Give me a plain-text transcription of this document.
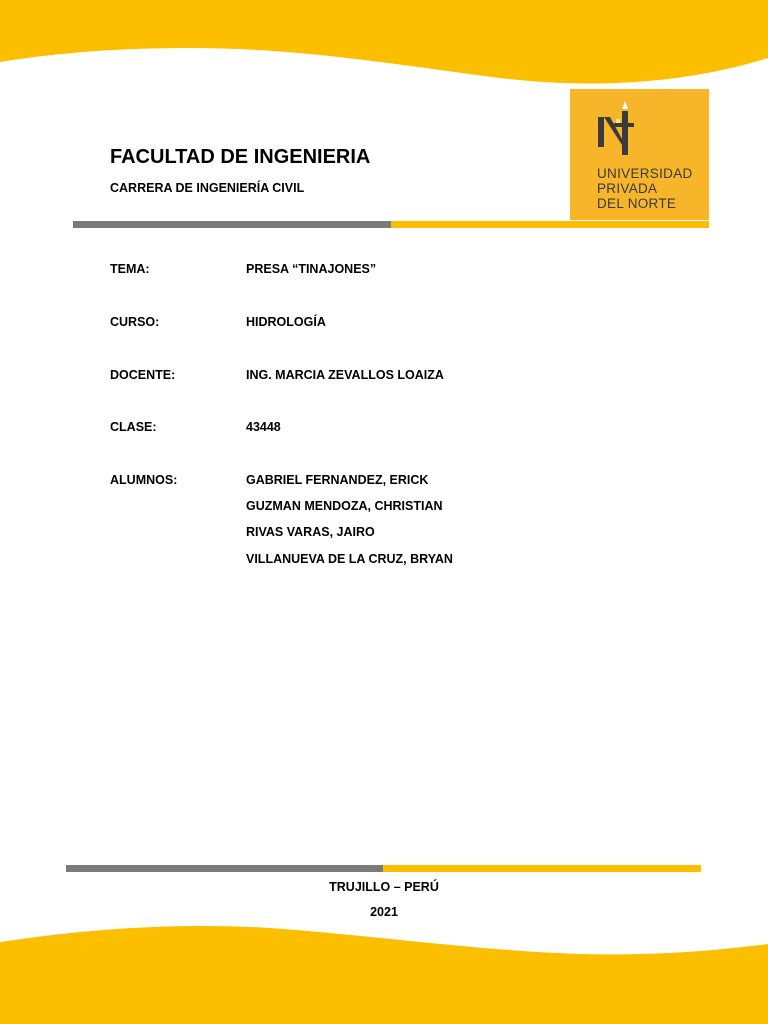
FACULTAD DE INGENIERIA
CARRERA DE INGENIERÍA CIVIL
UNIVERSIDAD
PRIVADA
DEL NORTE
TEMA:	PRESA “TINAJONES”
CURSO:	HIDROLOGÍA
DOCENTE:	ING. MARCIA ZEVALLOS LOAIZA
CLASE:	43448
ALUMNOS:	GABRIEL FERNANDEZ, ERICK
GUZMAN MENDOZA, CHRISTIAN
RIVAS VARAS, JAIRO
VILLANUEVA DE LA CRUZ, BRYAN
TRUJILLO – PERÚ
2021
